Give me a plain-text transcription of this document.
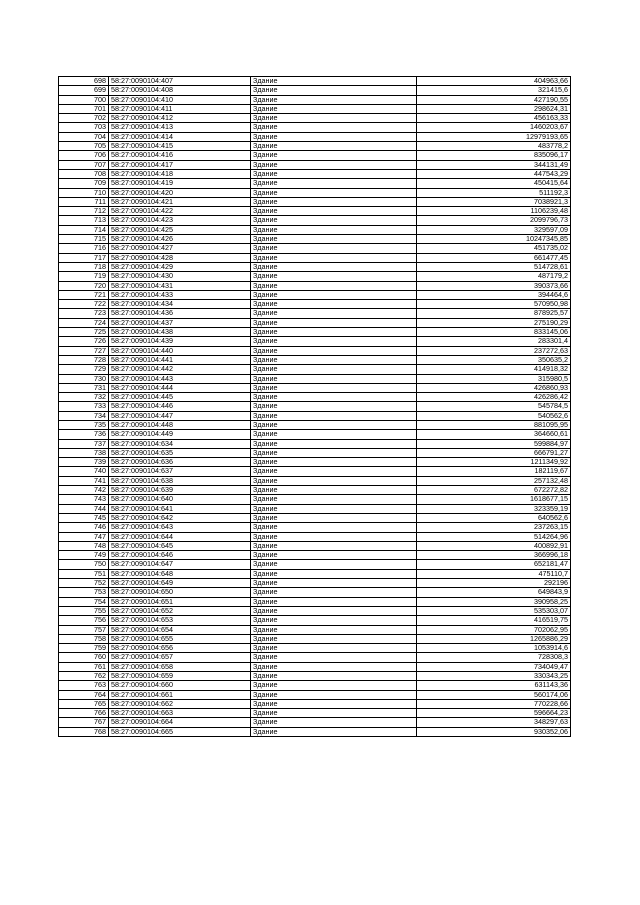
698	58:27:0090104:407	Здание	404963,66
699	58:27:0090104:408	Здание	321415,6
700	58:27:0090104:410	Здание	427190,55
701	58:27:0090104:411	Здание	298624,31
702	58:27:0090104:412	Здание	456163,33
703	58:27:0090104:413	Здание	1460203,67
704	58:27:0090104:414	Здание	12979193,65
705	58:27:0090104:415	Здание	483778,2
706	58:27:0090104:416	Здание	835096,17
707	58:27:0090104:417	Здание	344131,49
708	58:27:0090104:418	Здание	447543,29
709	58:27:0090104:419	Здание	450415,64
710	58:27:0090104:420	Здание	511192,3
711	58:27:0090104:421	Здание	7038921,3
712	58:27:0090104:422	Здание	1106239,48
713	58:27:0090104:423	Здание	2099796,73
714	58:27:0090104:425	Здание	329597,09
715	58:27:0090104:426	Здание	10247345,85
716	58:27:0090104:427	Здание	451735,02
717	58:27:0090104:428	Здание	661477,45
718	58:27:0090104:429	Здание	514728,61
719	58:27:0090104:430	Здание	487179,2
720	58:27:0090104:431	Здание	390373,66
721	58:27:0090104:433	Здание	394464,6
722	58:27:0090104:434	Здание	570950,98
723	58:27:0090104:436	Здание	878925,57
724	58:27:0090104:437	Здание	275190,29
725	58:27:0090104:438	Здание	833145,06
726	58:27:0090104:439	Здание	283301,4
727	58:27:0090104:440	Здание	237272,63
728	58:27:0090104:441	Здание	350635,2
729	58:27:0090104:442	Здание	414918,32
730	58:27:0090104:443	Здание	315980,5
731	58:27:0090104:444	Здание	426860,93
732	58:27:0090104:445	Здание	426286,42
733	58:27:0090104:446	Здание	545784,5
734	58:27:0090104:447	Здание	540562,6
735	58:27:0090104:448	Здание	881095,95
736	58:27:0090104:449	Здание	364660,61
737	58:27:0090104:634	Здание	599884,97
738	58:27:0090104:635	Здание	666791,27
739	58:27:0090104:636	Здание	1211349,92
740	58:27:0090104:637	Здание	182119,67
741	58:27:0090104:638	Здание	257132,48
742	58:27:0090104:639	Здание	672272,82
743	58:27:0090104:640	Здание	1618677,15
744	58:27:0090104:641	Здание	323359,19
745	58:27:0090104:642	Здание	640562,6
746	58:27:0090104:643	Здание	237263,15
747	58:27:0090104:644	Здание	514264,96
748	58:27:0090104:645	Здание	400892,91
749	58:27:0090104:646	Здание	366996,18
750	58:27:0090104:647	Здание	652181,47
751	58:27:0090104:648	Здание	475110,7
752	58:27:0090104:649	Здание	292196
753	58:27:0090104:650	Здание	649843,9
754	58:27:0090104:651	Здание	390958,25
755	58:27:0090104:652	Здание	535303,07
756	58:27:0090104:653	Здание	416519,75
757	58:27:0090104:654	Здание	702062,95
758	58:27:0090104:655	Здание	1265886,29
759	58:27:0090104:656	Здание	1053914,6
760	58:27:0090104:657	Здание	728308,3
761	58:27:0090104:658	Здание	734049,47
762	58:27:0090104:659	Здание	330343,25
763	58:27:0090104:660	Здание	631143,36
764	58:27:0090104:661	Здание	560174,06
765	58:27:0090104:662	Здание	770228,66
766	58:27:0090104:663	Здание	596664,23
767	58:27:0090104:664	Здание	348297,63
768	58:27:0090104:665	Здание	930352,06
